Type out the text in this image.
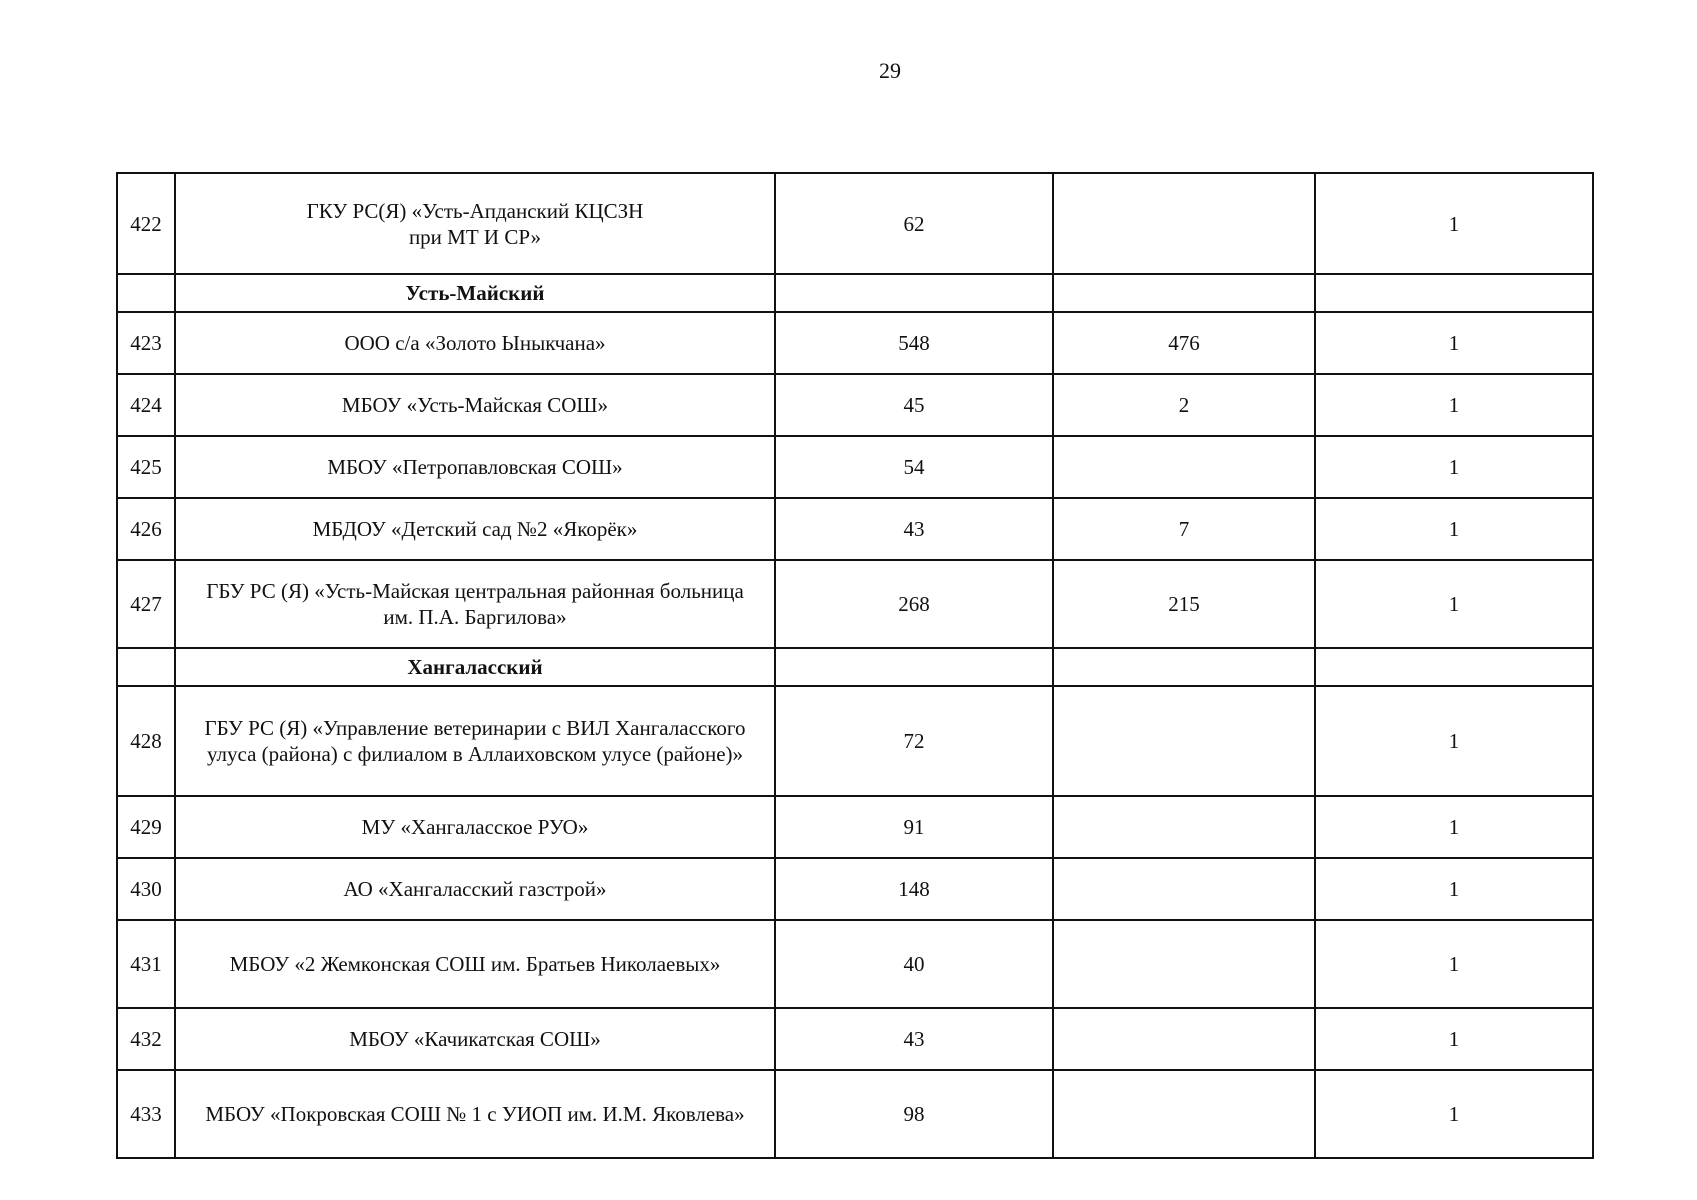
29
422	ГКУ РС(Я) «Усть-Апданский КЦСЗН
при МТ И СР»	62		1
	Усть-Майский			
423	ООО с/а «Золото Ыныкчана»	548	476	1
424	МБОУ «Усть-Майская СОШ»	45	2	1
425	МБОУ «Петропавловская СОШ»	54		1
426	МБДОУ «Детский сад №2 «Якорёк»	43	7	1
427	ГБУ РС (Я) «Усть-Майская центральная районная больница
им. П.А. Баргилова»	268	215	1
	Хангаласский			
428	ГБУ РС (Я) «Управление ветеринарии с ВИЛ Хангаласского
улуса (района) с филиалом в Аллаиховском улусе (районе)»	72		1
429	МУ «Хангаласское РУО»	91		1
430	АО «Хангаласский газстрой»	148		1
431	МБОУ «2 Жемконская СОШ им. Братьев Николаевых»	40		1
432	МБОУ «Качикатская СОШ»	43		1
433	МБОУ «Покровская СОШ № 1 с УИОП им. И.М. Яковлева»	98		1
